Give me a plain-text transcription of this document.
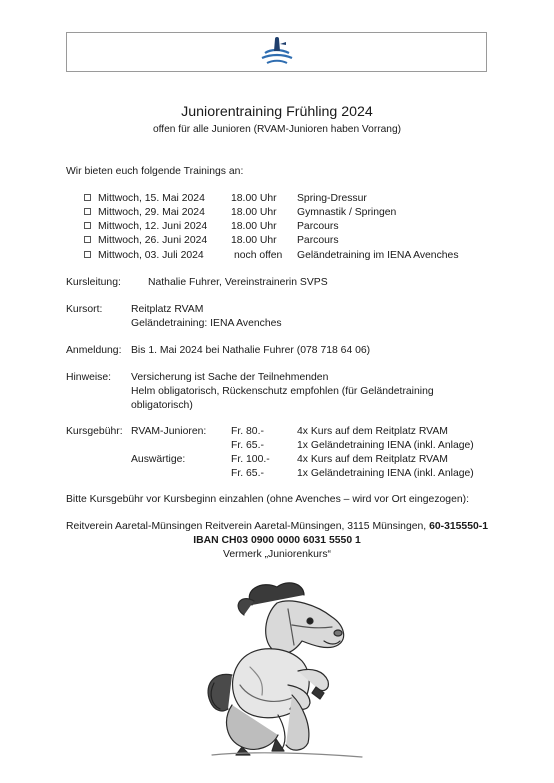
Juniorentraining Frühling 2024
offen für alle Junioren (RVAM-Junioren haben Vorrang)
Wir bieten euch folgende Trainings an:
Mittwoch, 15. Mai 2024	18.00 Uhr Spring-Dressur
Mittwoch, 29. Mai 2024	18.00 Uhr Gymnastik / Springen
Mittwoch, 12. Juni 2024 18.00 Uhr Parcours
Mittwoch, 26. Juni 2024 18.00 Uhr Parcours
Mittwoch, 03. Juli 2024	noch offen Geländetraining im IENA Avenches
Kursleitung:	Nathalie Fuhrer, Vereinstrainerin SVPS
Kursort:	Reitplatz RVAM
Geländetraining: IENA Avenches
Anmeldung: Bis 1. Mai 2024 bei Nathalie Fuhrer (078 718 64 06)
Hinweise: Versicherung ist Sache der Teilnehmenden
Helm obligatorisch, Rückenschutz empfohlen (für Geländetraining
obligatorisch)
Kursgebühr: RVAM-Junioren: Fr. 80.-	4x Kurs auf dem Reitplatz RVAM
Fr. 65.-	1x Geländetraining IENA (inkl. Anlage)
Auswärtige:	Fr. 100.-	4x Kurs auf dem Reitplatz RVAM
Fr. 65.-	1x Geländetraining IENA (inkl. Anlage)
Bitte Kursgebühr vor Kursbeginn einzahlen (ohne Avenches – wird vor Ort eingezogen):
Reitverein Aaretal-Münsingen Reitverein Aaretal-Münsingen, 3115 Münsingen, 60-315550-1
IBAN CH03 0900 0000 6031 5550 1
Vermerk „Juniorenkurs“
